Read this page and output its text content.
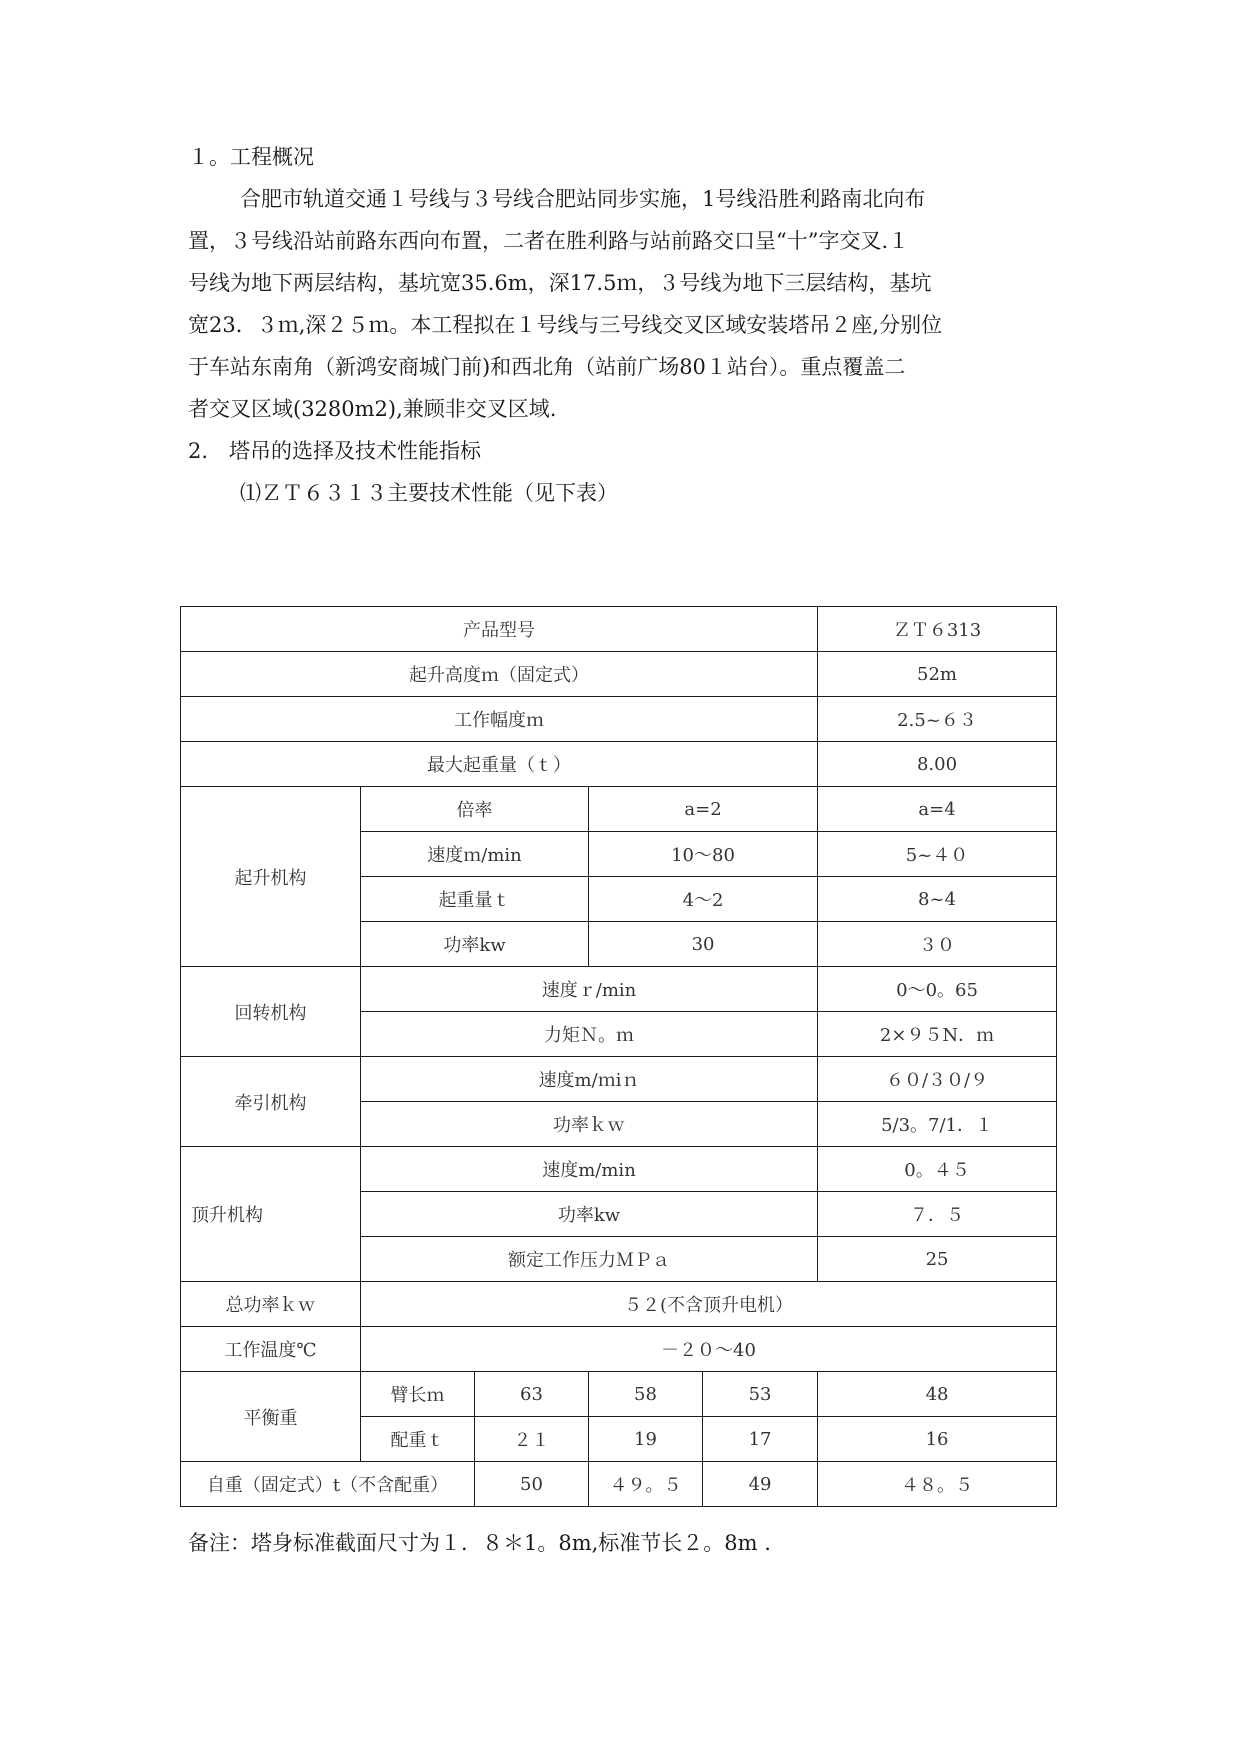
１。工程概况
合肥市轨道交通１号线与３号线合肥站同步实施，1号线沿胜利路南北向布
置，３号线沿站前路东西向布置，二者在胜利路与站前路交口呈“十”字交叉.１
号线为地下两层结构，基坑宽35.6m，深17.5ｍ，３号线为地下三层结构，基坑
宽23．３ｍ,深２５ｍ。本工程拟在１号线与三号线交叉区域安装塔吊２座,分别位
于车站东南角（新鸿安商城门前)和西北角（站前广场80１站台）。重点覆盖二
者交叉区域(3280m2),兼顾非交叉区域.
2.　塔吊的选择及技术性能指标
⑴ＺＴ６３１３主要技术性能（见下表）
产品型号					ＺＴ６313
起升高度ｍ（固定式）					52m
工作幅度ｍ					2.5~６３
最大起重量（ｔ）					8.00
起升机构	倍率		a=2		a=4
	速度ｍ/min		10～80		5~４０
	起重量ｔ		4～2		8~4
	功率kw		30		３０
回转机构	速度ｒ/min				0～0。65
	力矩Ｎ。ｍ				2×９５N．ｍ
牵引机构	速度m/ｍiｎ				６０/３０/９
	功率ｋｗ				5/3。7/1．１
顶升机构	速度m/min				0。４５
	功率kw				７．５
	额定工作压力ＭＰａ				25
总功率ｋｗ	５２(不含顶升电机）				
工作温度℃	－２０～40				
平衡重	臂长ｍ	63	58	53	48
	配重ｔ	２１	19	17	16
自重（固定式）t（不含配重）		50	４９。５	49	４８。５
备注：塔身标准截面尺寸为１．８＊1。8m,标准节长２。8m .
